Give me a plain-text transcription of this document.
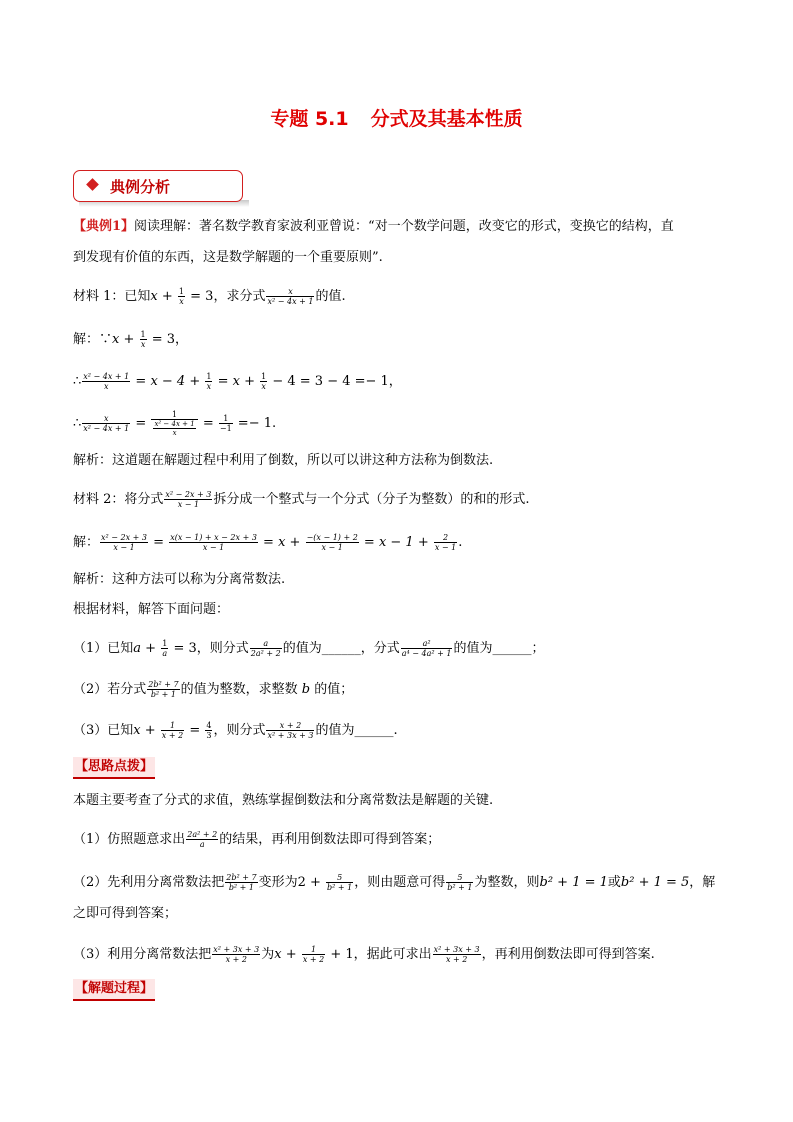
专题 5.1 分式及其基本性质
典例分析
【典例1】阅读理解：著名数学教育家波利亚曾说：“对一个数学问题，改变它的形式，变换它的结构，直
到发现有价值的东西，这是数学解题的一个重要原则”.
材料 1：已知$x + \frac{1}{x} = 3$，求分式 $\frac{x}{\text{x² − 4x + 1}}$ 的值.
解：∵x + $\frac{1}{x} = 3$，
∴ $\frac{\text{x² − 4x + 1}}{x} = x - 4 + \frac{1}{x} = x + \frac{1}{x} - 4 = 3 - 4 =- 1$，
∴ $\frac{x}{\text{x² − 4x + 1}} = \frac{1}{\frac{\text{x² − 4x + 1}}{x}} = \frac{1}{-1} =- 1$.
解析：这道题在解题过程中利用了倒数，所以可以讲这种方法称为倒数法.
材料 2：将分式 $\frac{\text{x² − 2x + 3}}{x - 1}$ 拆分成一个整式与一个分式（分子为整数）的和的形式.
解： $\frac{\text{x² − 2x + 3}}{x - 1} = \frac{x(x - 1) + x - 2x + 3}{x - 1} = x + \frac{-(x - 1) + 2}{x - 1} = x - 1 + \frac{2}{x - 1}$ .
解析：这种方法可以称为分离常数法.
根据材料，解答下面问题：
（1）已知$a + \frac{1}{a} = 3$，则分式 $\frac{a}{\text{2a² + 2}}$ 的值为______，分式 $\frac{\text{a²}}{\text{a⁴ − 4a² + 1}}$ 的值为______；
（2）若分式 $\frac{\text{2b² + 7}}{\text{b² + 1}}$ 的值为整数，求整数 b 的值；
（3）已知$x + \frac{1}{x + 2} = \frac{4}{3}$ ，则分式 $\frac{x + 2}{\text{x² + 3x + 3}}$ 的值为______.
【思路点拨】
本题主要考查了分式的求值，熟练掌握倒数法和分离常数法是解题的关键.
（1）仿照题意求出 $\frac{\text{2a² + 2}}{a}$ 的结果，再利用倒数法即可得到答案；
（2）先利用分离常数法把 $\frac{\text{2b² + 7}}{\text{b² + 1}}$ 变形为$2 + \frac{5}{\text{b² + 1}}$ ，则由题意可得 $\frac{5}{\text{b² + 1}}$ 为整数，则b² + 1 = 1或b² + 1 = 5，解
之即可得到答案；
（3）利用分离常数法把 $\frac{\text{x² + 3x + 3}}{x + 2}$ 为$x + \frac{1}{x + 2} + 1$，据此可求出 $\frac{\text{x² + 3x + 3}}{x + 2}$ ，再利用倒数法即可得到答案.
【解题过程】
